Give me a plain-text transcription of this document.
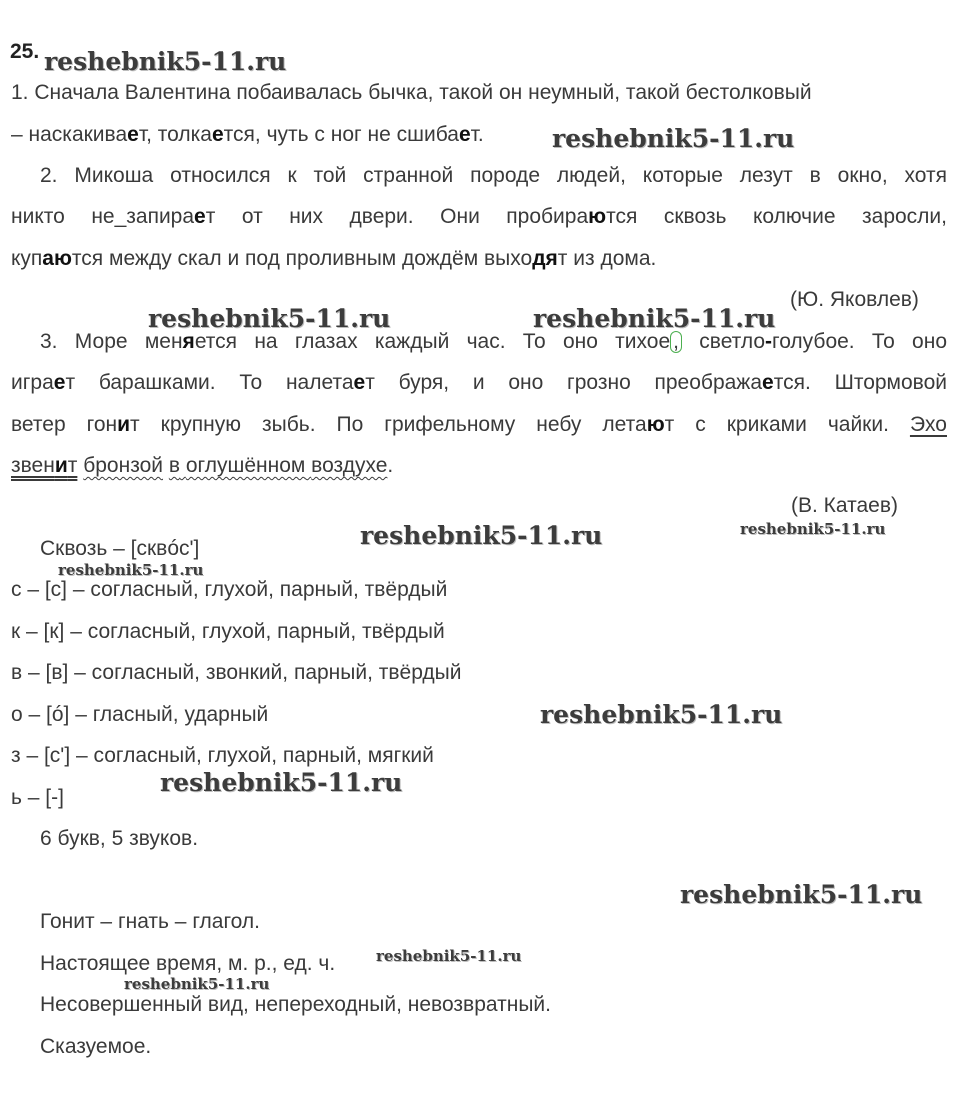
25.
1. Сначала Валентина побаивалась бычка, такой он неумный, такой бестолковый
– наскакивает, толкается, чуть с ног не сшибает.
2. Микоша относился к той странной породе людей, которые лезут в окно, хотя
никто не_запирает от них двери. Они пробираются сквозь колючие заросли,
купаются между скал и под проливным дождём выходят из дома.
(Ю. Яковлев)
3. Море меняется на глазах каждый час. То оно тихое , светло-голубое. То оно
играет барашками. То налетает буря, и оно грозно преображается. Штормовой
ветер гонит крупную зыбь. По грифельному небу летают с криками чайки. Эхо
звенит бронзой в оглушённом воздухе.
(В. Катаев)
Сквозь – [сквóс']
с – [с] – согласный, глухой, парный, твёрдый
к – [к] – согласный, глухой, парный, твёрдый
в – [в] – согласный, звонкий, парный, твёрдый
о – [ó] – гласный, ударный
з – [с'] – согласный, глухой, парный, мягкий
ь – [-]
6 букв, 5 звуков.
Гонит – гнать – глагол.
Настоящее время, м. р., ед. ч.
Несовершенный вид, непереходный, невозвратный.
Сказуемое.
reshebnik5-11.ru
reshebnik5-11.ru
reshebnik5-11.ru	reshebnik5-11.ru
reshebnik5-11.ru	reshebnik5-11.ru
reshebnik5-11.ru
reshebnik5-11.ru
reshebnik5-11.ru
reshebnik5-11.ru
reshebnik5-11.ru
reshebnik5-11.ru
